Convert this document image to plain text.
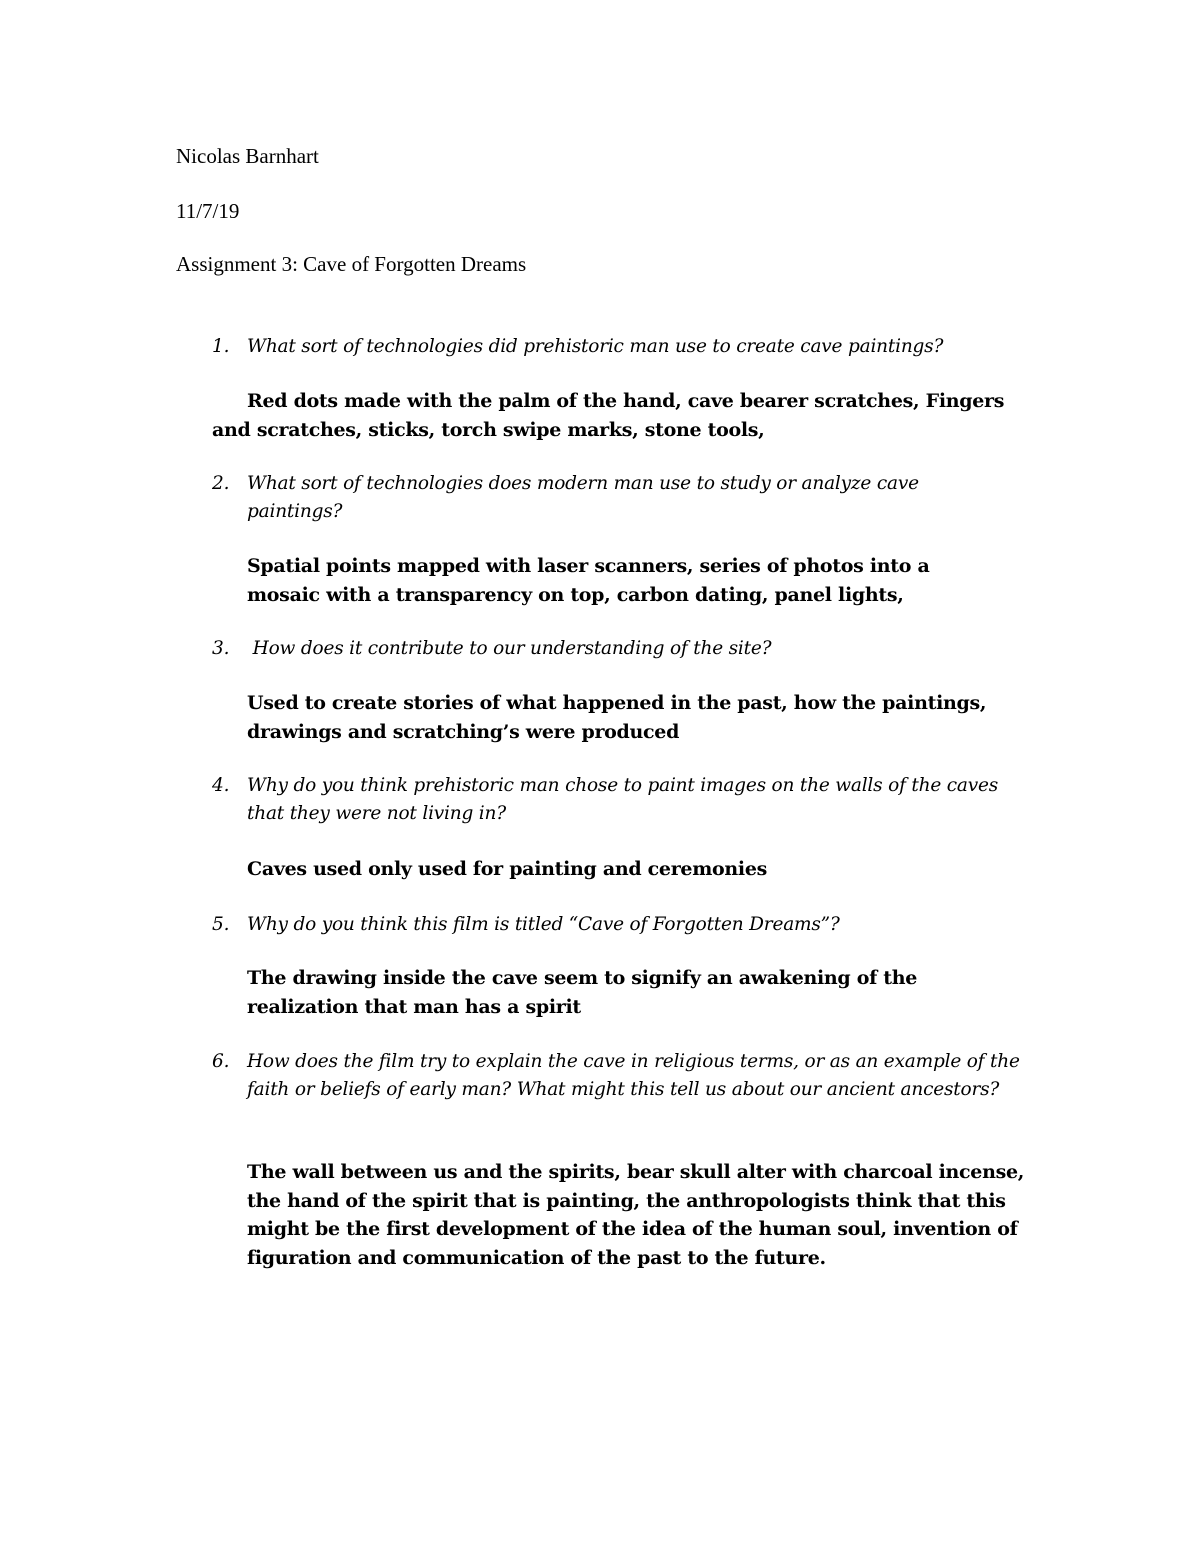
Nicolas Barnhart
11/7/19
Assignment 3: Cave of Forgotten Dreams
1. What sort of technologies did prehistoric man use to create cave paintings?
Red dots made with the palm of the hand, cave bearer scratches, Fingers
and scratches, sticks, torch swipe marks, stone tools,
2. What sort of technologies does modern man use to study or analyze cave paintings?
Spatial points mapped with laser scanners, series of photos into a mosaic with a transparency on top, carbon dating, panel lights,
3. How does it contribute to our understanding of the site?
Used to create stories of what happened in the past, how the paintings, drawings and scratching’s were produced
4. Why do you think prehistoric man chose to paint images on the walls of the caves that they were not living in?
Caves used only used for painting and ceremonies
5. Why do you think this film is titled “Cave of Forgotten Dreams”?
The drawing inside the cave seem to signify an awakening of the realization that man has a spirit
6. How does the film try to explain the cave in religious terms, or as an example of the faith or beliefs of early man? What might this tell us about our ancient ancestors?
The wall between us and the spirits, bear skull alter with charcoal incense, the hand of the spirit that is painting, the anthropologists think that this might be the first development of the idea of the human soul, invention of figuration and communication of the past to the future.
